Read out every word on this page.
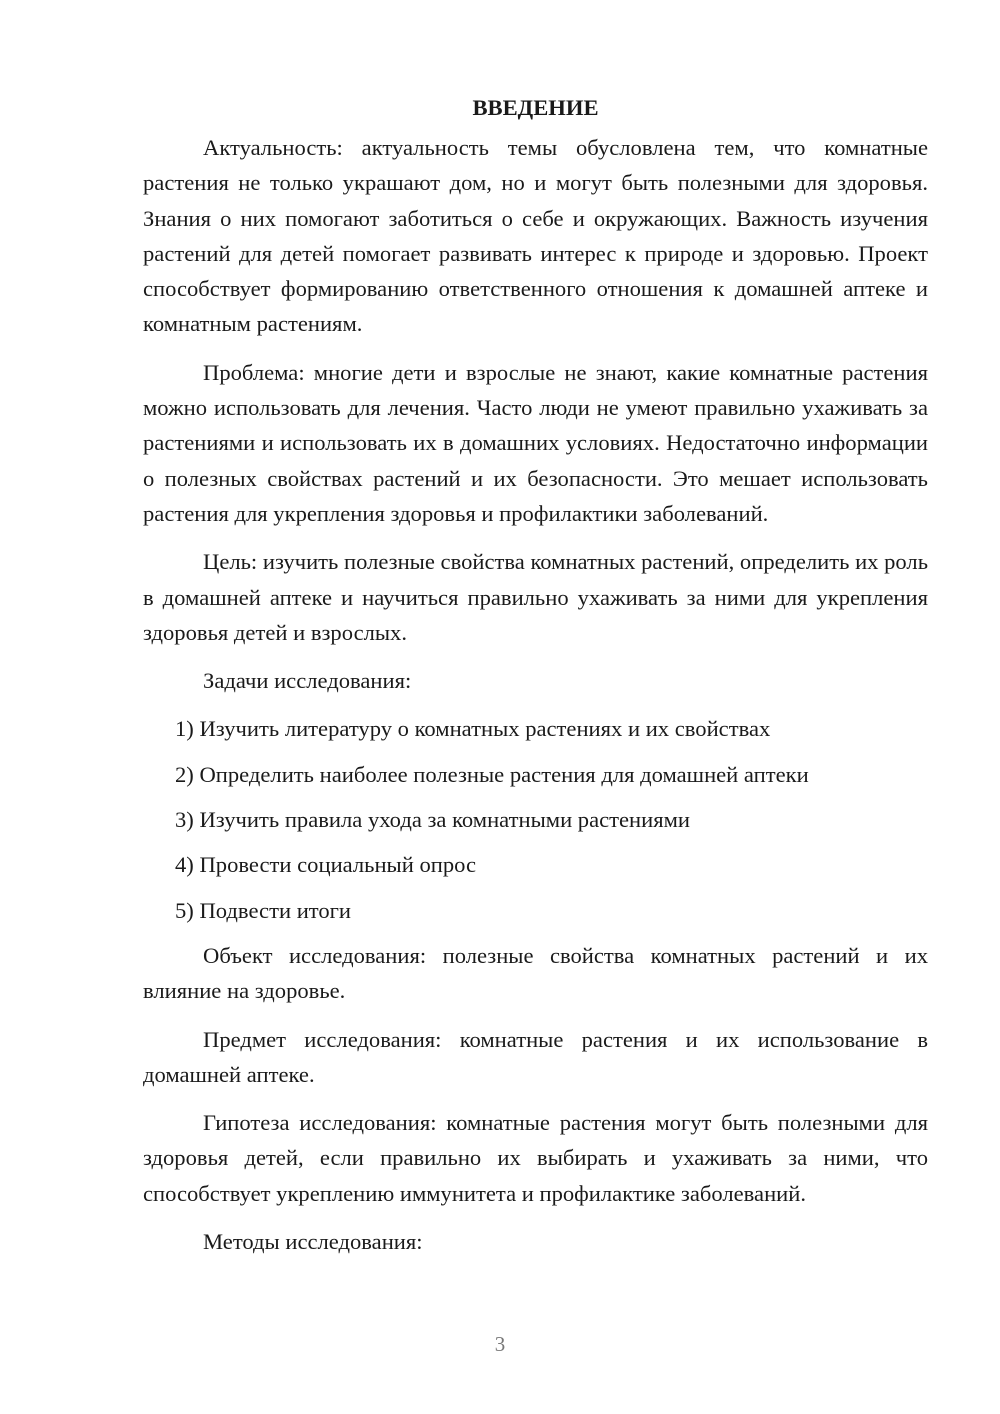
ВВЕДЕНИЕ

Актуальность: актуальность темы обусловлена тем, что комнатные растения не только украшают дом, но и могут быть полезными для здоровья. Знания о них помогают заботиться о себе и окружающих. Важность изучения растений для детей помогает развивать интерес к природе и здоровью. Проект способствует формированию ответственного отношения к домашней аптеке и комнатным растениям.

Проблема: многие дети и взрослые не знают, какие комнатные растения можно использовать для лечения. Часто люди не умеют правильно ухаживать за растениями и использовать их в домашних условиях. Недостаточно информации о полезных свойствах растений и их безопасности. Это мешает использовать растения для укрепления здоровья и профилактики заболеваний.

Цель: изучить полезные свойства комнатных растений, определить их роль в домашней аптеке и научиться правильно ухаживать за ними для укрепления здоровья детей и взрослых.

Задачи исследования:

1) Изучить литературу о комнатных растениях и их свойствах
2) Определить наиболее полезные растения для домашней аптеки
3) Изучить правила ухода за комнатными растениями
4) Провести социальный опрос
5) Подвести итоги

Объект исследования: полезные свойства комнатных растений и их влияние на здоровье.

Предмет исследования: комнатные растения и их использование в домашней аптеке.

Гипотеза исследования: комнатные растения могут быть полезными для здоровья детей, если правильно их выбирать и ухаживать за ними, что способствует укреплению иммунитета и профилактике заболеваний.

Методы исследования:

3
